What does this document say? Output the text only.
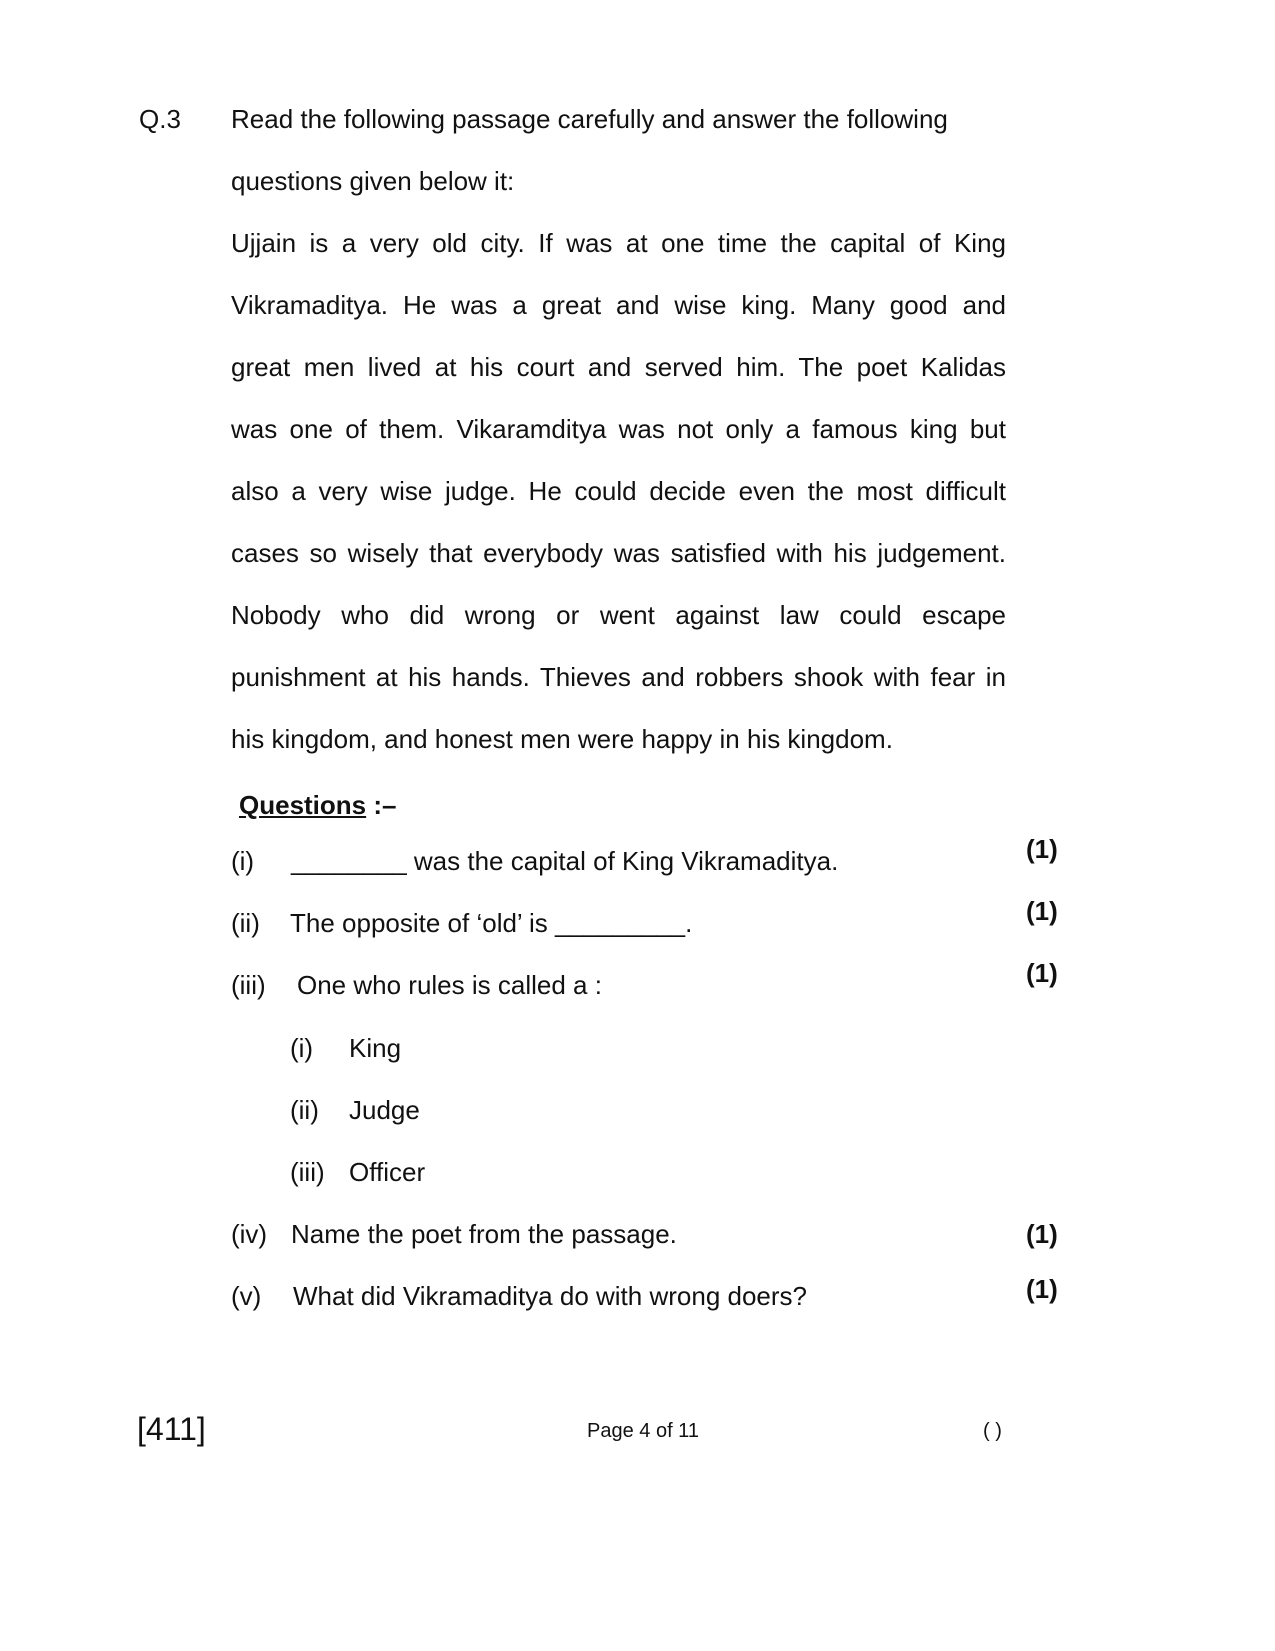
Q.3 Read the following passage carefully and answer the following
questions given below it:
Ujjain is a very old city. If was at one time the capital of King
Vikramaditya. He was a great and wise king. Many good and
great men lived at his court and served him. The poet Kalidas
was one of them. Vikaramditya was not only a famous king but
also a very wise judge. He could decide even the most difficult
cases so wisely that everybody was satisfied with his judgement.
Nobody who did wrong or went against law could escape
punishment at his hands. Thieves and robbers shook with fear in
his kingdom, and honest men were happy in his kingdom.
Questions :–
(i) ________ was the capital of King Vikramaditya.	(1)
(ii) The opposite of ‘old’ is _________.	(1)
(iii) One who rules is called a :	(1)
(i) King
(ii) Judge
(iii) Officer
(iv) Name the poet from the passage.	(1)
(v) What did Vikramaditya do with wrong doers?	(1)
[411]	Page 4 of 11	( )
